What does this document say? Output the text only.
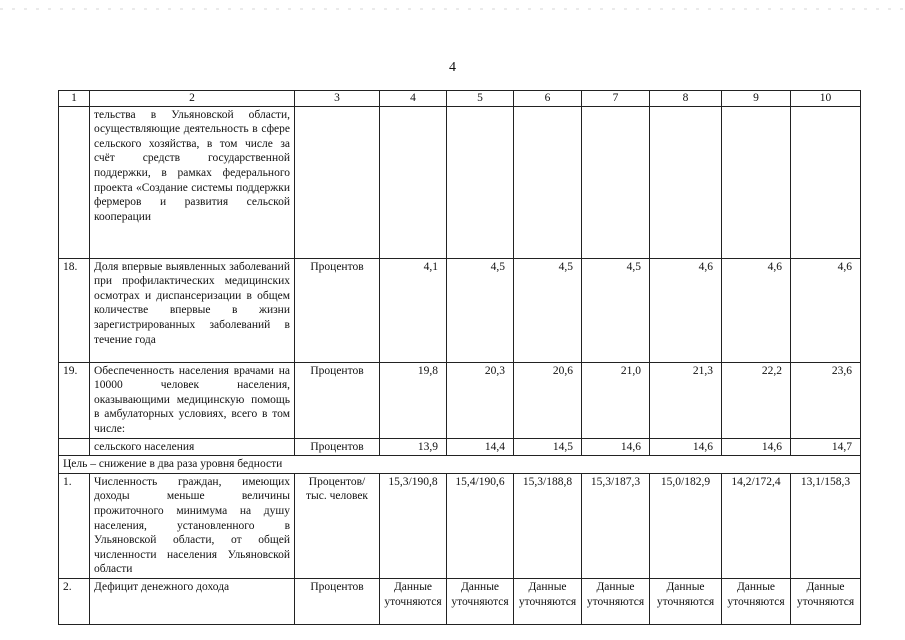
4
1	2	3	4	5	6	7	8	9	10
	тельства в Ульяновской области, осуществляющие деятельность в сфере сельского хозяйства, в том числе за счёт средств государственной поддержки, в рамках федерального проекта «Создание системы поддержки фермеров и развития сельской кооперации								
18.	Доля впервые выявленных заболеваний при профилактических медицинских осмотрах и диспансеризации в общем количестве впервые в жизни зарегистрированных заболеваний в течение года	Процентов	4,1	4,5	4,5	4,5	4,6	4,6	4,6
19.	Обеспеченность населения врачами на 10000 человек населения, оказывающими медицинскую помощь в амбулаторных условиях, всего в том числе:	Процентов	19,8	20,3	20,6	21,0	21,3	22,2	23,6
	сельского населения	Процентов	13,9	14,4	14,5	14,6	14,6	14,6	14,7
Цель – снижение в два раза уровня бедности									
1.	Численность граждан, имеющих доходы меньше величины прожиточного минимума на душу населения, установленного в Ульяновской области, от общей численности населения Ульяновской области	Процентов/ тыс. человек	15,3/190,8	15,4/190,6	15,3/188,8	15,3/187,3	15,0/182,9	14,2/172,4	13,1/158,3
2.	Дефицит денежного дохода	Процентов	Данные уточняются	Данные уточняются	Данные уточняются	Данные уточняются	Данные уточняются	Данные уточняются	Данные уточняются
